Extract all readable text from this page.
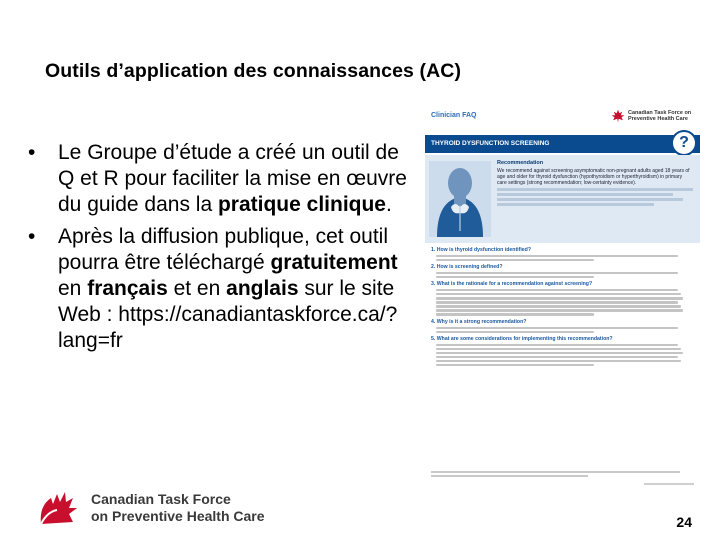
Outils d’application des connaissances (AC)
•	Le Groupe d’étude a créé un outil de Q et R pour faciliter la mise en œuvre du guide dans la pratique clinique.
•	Après la diffusion publique, cet outil pourra être téléchargé gratuitement en français et en anglais sur le site Web : https://canadiantaskforce.ca/?lang=fr
Clinician FAQ	Canadian Task Force on Preventive Health Care
THYROID DYSFUNCTION SCREENING	?
Recommendation
We recommend against screening asymptomatic non-pregnant adults aged 18 years of age and older for thyroid dysfunction (hypothyroidism or hyperthyroidism) in primary care settings (strong recommendation; low-certainty evidence).
1. How is thyroid dysfunction identified?
2. How is screening defined?
3. What is the rationale for a recommendation against screening?
4. Why is it a strong recommendation?
5. What are some considerations for implementing this recommendation?
Canadian Task Force
on Preventive Health Care	24
